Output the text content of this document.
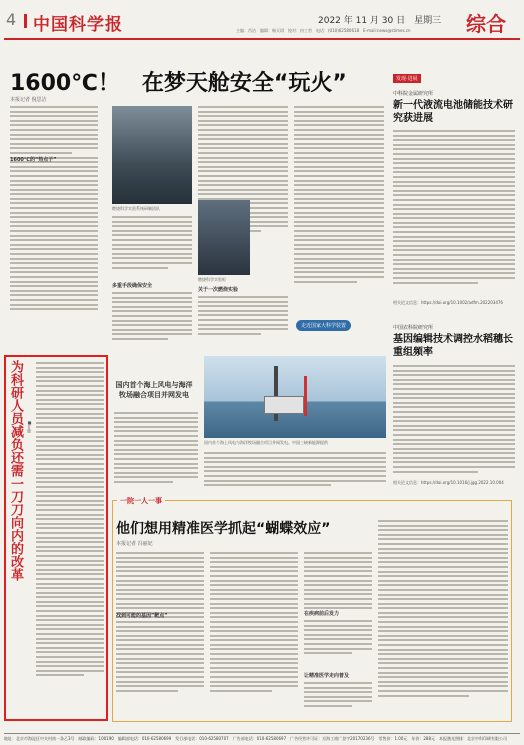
4 中国科学报	2022 年 11 月 30 日　星期三
主编：肖洁　编辑：韩天琪　校对：何工劳　电话：(010)62580618　E-mail:news@stimes.cn	综合
1600℃！　在梦天舱安全“玩火”
本报记者 倪思洁
1600℃的“热点子”
燃烧科学实验系统研制团队
多重手段确保安全
燃烧科学实验柜
关于一次燃烧实验
发现·进展
中科院金属研究所
新一代液流电池储能技术研究获进展
相关论文信息：https://doi.org/10.1002/adfm.202203476
中国农科院研究所
基因编辑技术调控水稻穗长重组频率
相关论文信息：https://doi.org/10.1016/j.jgg.2022.10.004
走近国家大科学装置
国内首个海上风电与海洋牧场融合项目并网发电
国内首个海上风电与海洋牧场融合项目并网发电。中国三峡新能源提供
为科研人员减负还需一刀刀向内的改革 ■甘晓
一院一人一事
他们想用精准医学抓起“蝴蝶效应”
本报记者 冯丽妃
找到可能的基因”靶点”	在疾病前后发力
让精准医学走向普及
地址：北京市海淀区中关村南一条乙3号　邮政编码：100190　编辑部电话：010-62580699　发行部电话：010-62580707　广告部电话：010-62580697　广告经营许可证：京海工商广登字20170236号　零售价：1.00元　年价：288元　本报激光照排：北京中科印刷有限公司
